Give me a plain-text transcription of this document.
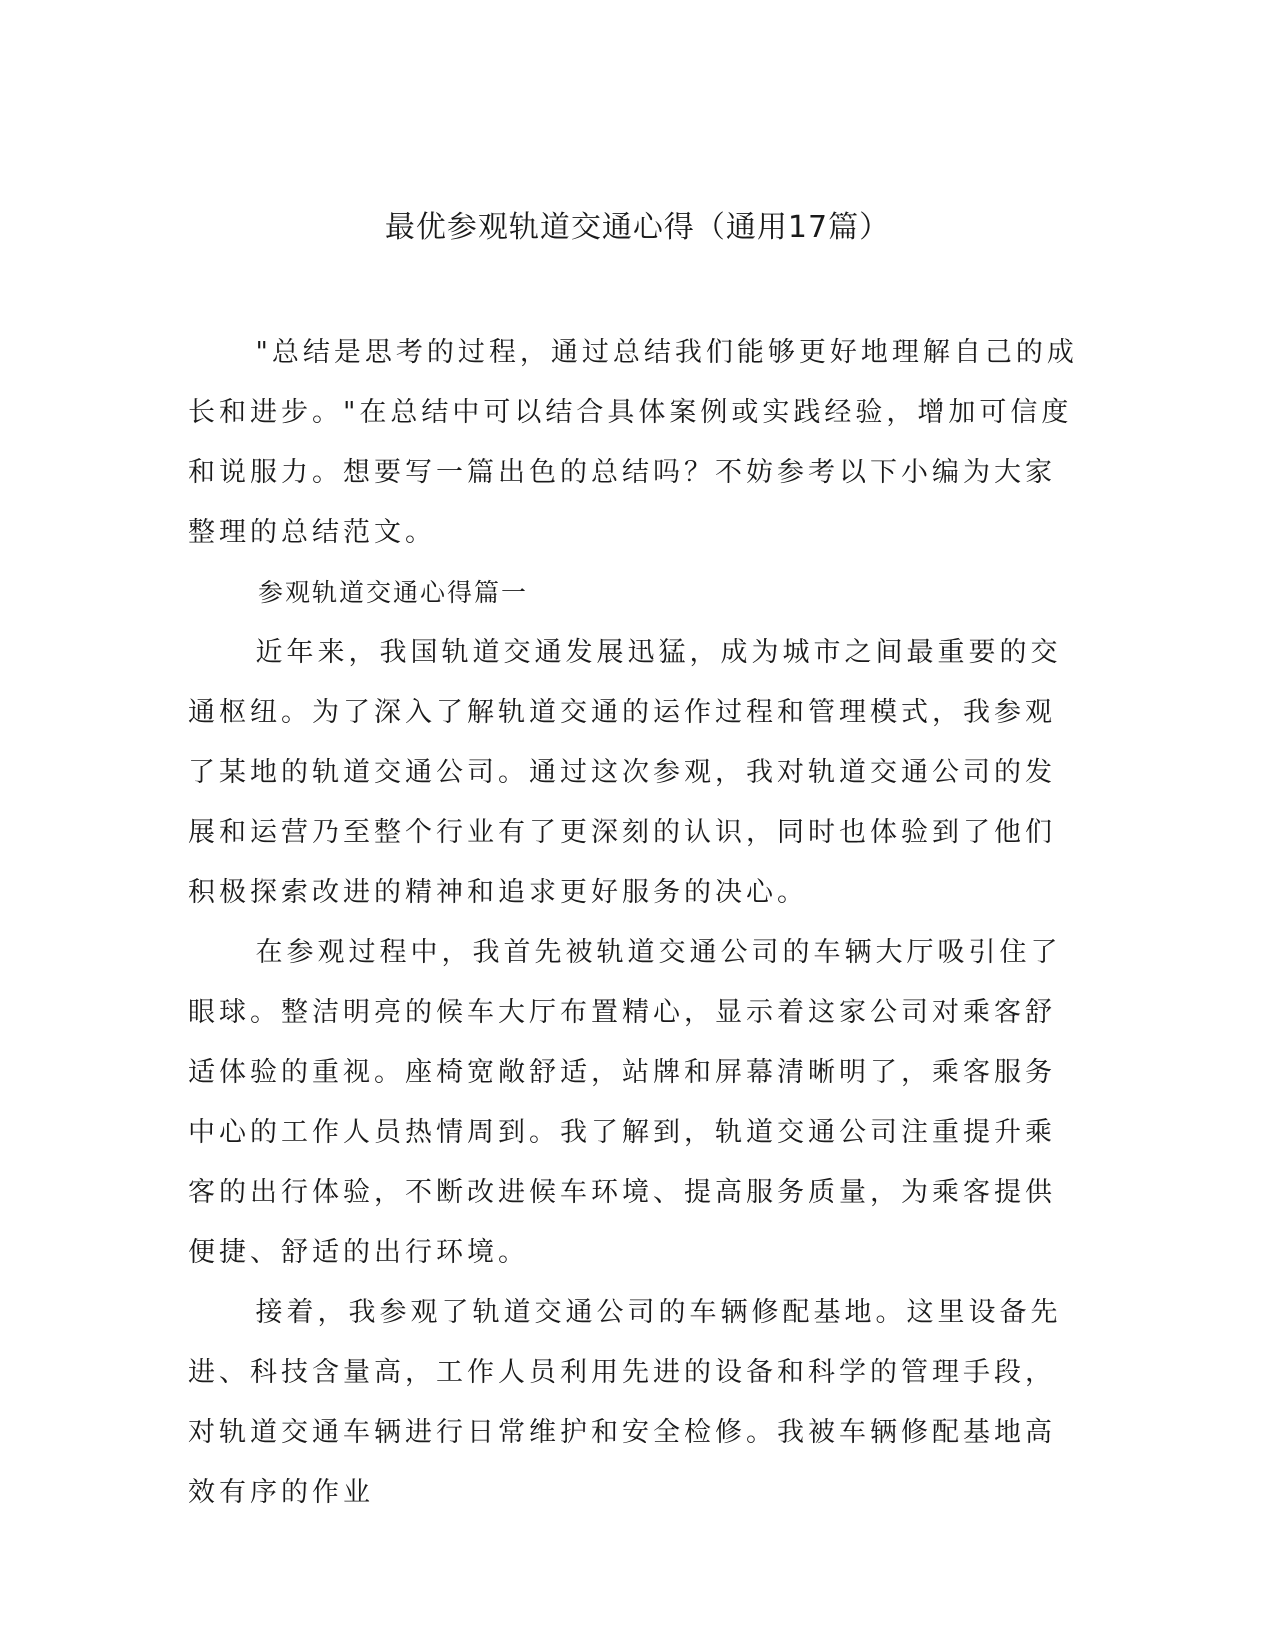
最优参观轨道交通心得（通用17篇）

"总结是思考的过程，通过总结我们能够更好地理解自己的成长和进步。"在总结中可以结合具体案例或实践经验，增加可信度和说服力。想要写一篇出色的总结吗？不妨参考以下小编为大家整理的总结范文。

参观轨道交通心得篇一

近年来，我国轨道交通发展迅猛，成为城市之间最重要的交通枢纽。为了深入了解轨道交通的运作过程和管理模式，我参观了某地的轨道交通公司。通过这次参观，我对轨道交通公司的发展和运营乃至整个行业有了更深刻的认识，同时也体验到了他们积极探索改进的精神和追求更好服务的决心。

在参观过程中，我首先被轨道交通公司的车辆大厅吸引住了眼球。整洁明亮的候车大厅布置精心，显示着这家公司对乘客舒适体验的重视。座椅宽敞舒适，站牌和屏幕清晰明了，乘客服务中心的工作人员热情周到。我了解到，轨道交通公司注重提升乘客的出行体验，不断改进候车环境、提高服务质量，为乘客提供便捷、舒适的出行环境。

接着，我参观了轨道交通公司的车辆修配基地。这里设备先进、科技含量高，工作人员利用先进的设备和科学的管理手段，对轨道交通车辆进行日常维护和安全检修。我被车辆修配基地高效有序的作业
